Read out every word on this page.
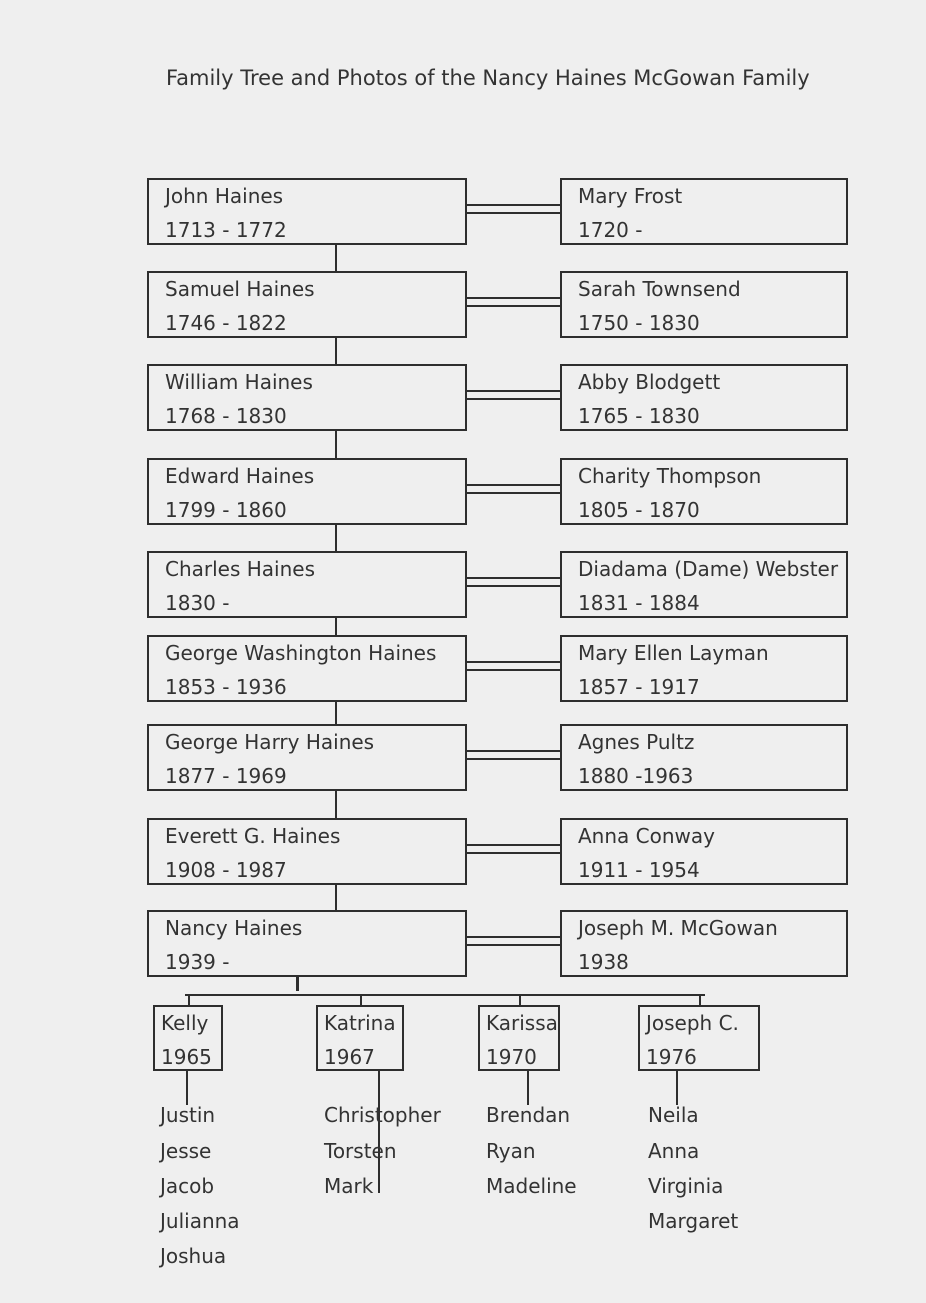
Family Tree and Photos of the Nancy Haines McGowan Family
John Haines
1713 - 1772
Mary Frost
1720 -
Samuel Haines
1746 - 1822
Sarah Townsend
1750 - 1830
William Haines
1768 - 1830
Abby Blodgett
1765 - 1830
Edward Haines
1799 - 1860
Charity Thompson
1805 - 1870
Charles Haines
1830 -
Diadama (Dame) Webster
1831 - 1884
George Washington Haines
1853 - 1936
Mary Ellen Layman
1857 - 1917
George Harry Haines
1877 - 1969
Agnes Pultz
1880 -1963
Everett G. Haines
1908 - 1987
Anna Conway
1911 - 1954
Nancy Haines
1939 -
Joseph M. McGowan
1938
Kelly
1965
Justin
Jesse
Jacob
Julianna
Joshua
Katrina
1967
Christopher
Torsten
Mark
Karissa
1970
Brendan
Ryan
Madeline
Joseph C.
1976
Neila
Anna
Virginia
Margaret
